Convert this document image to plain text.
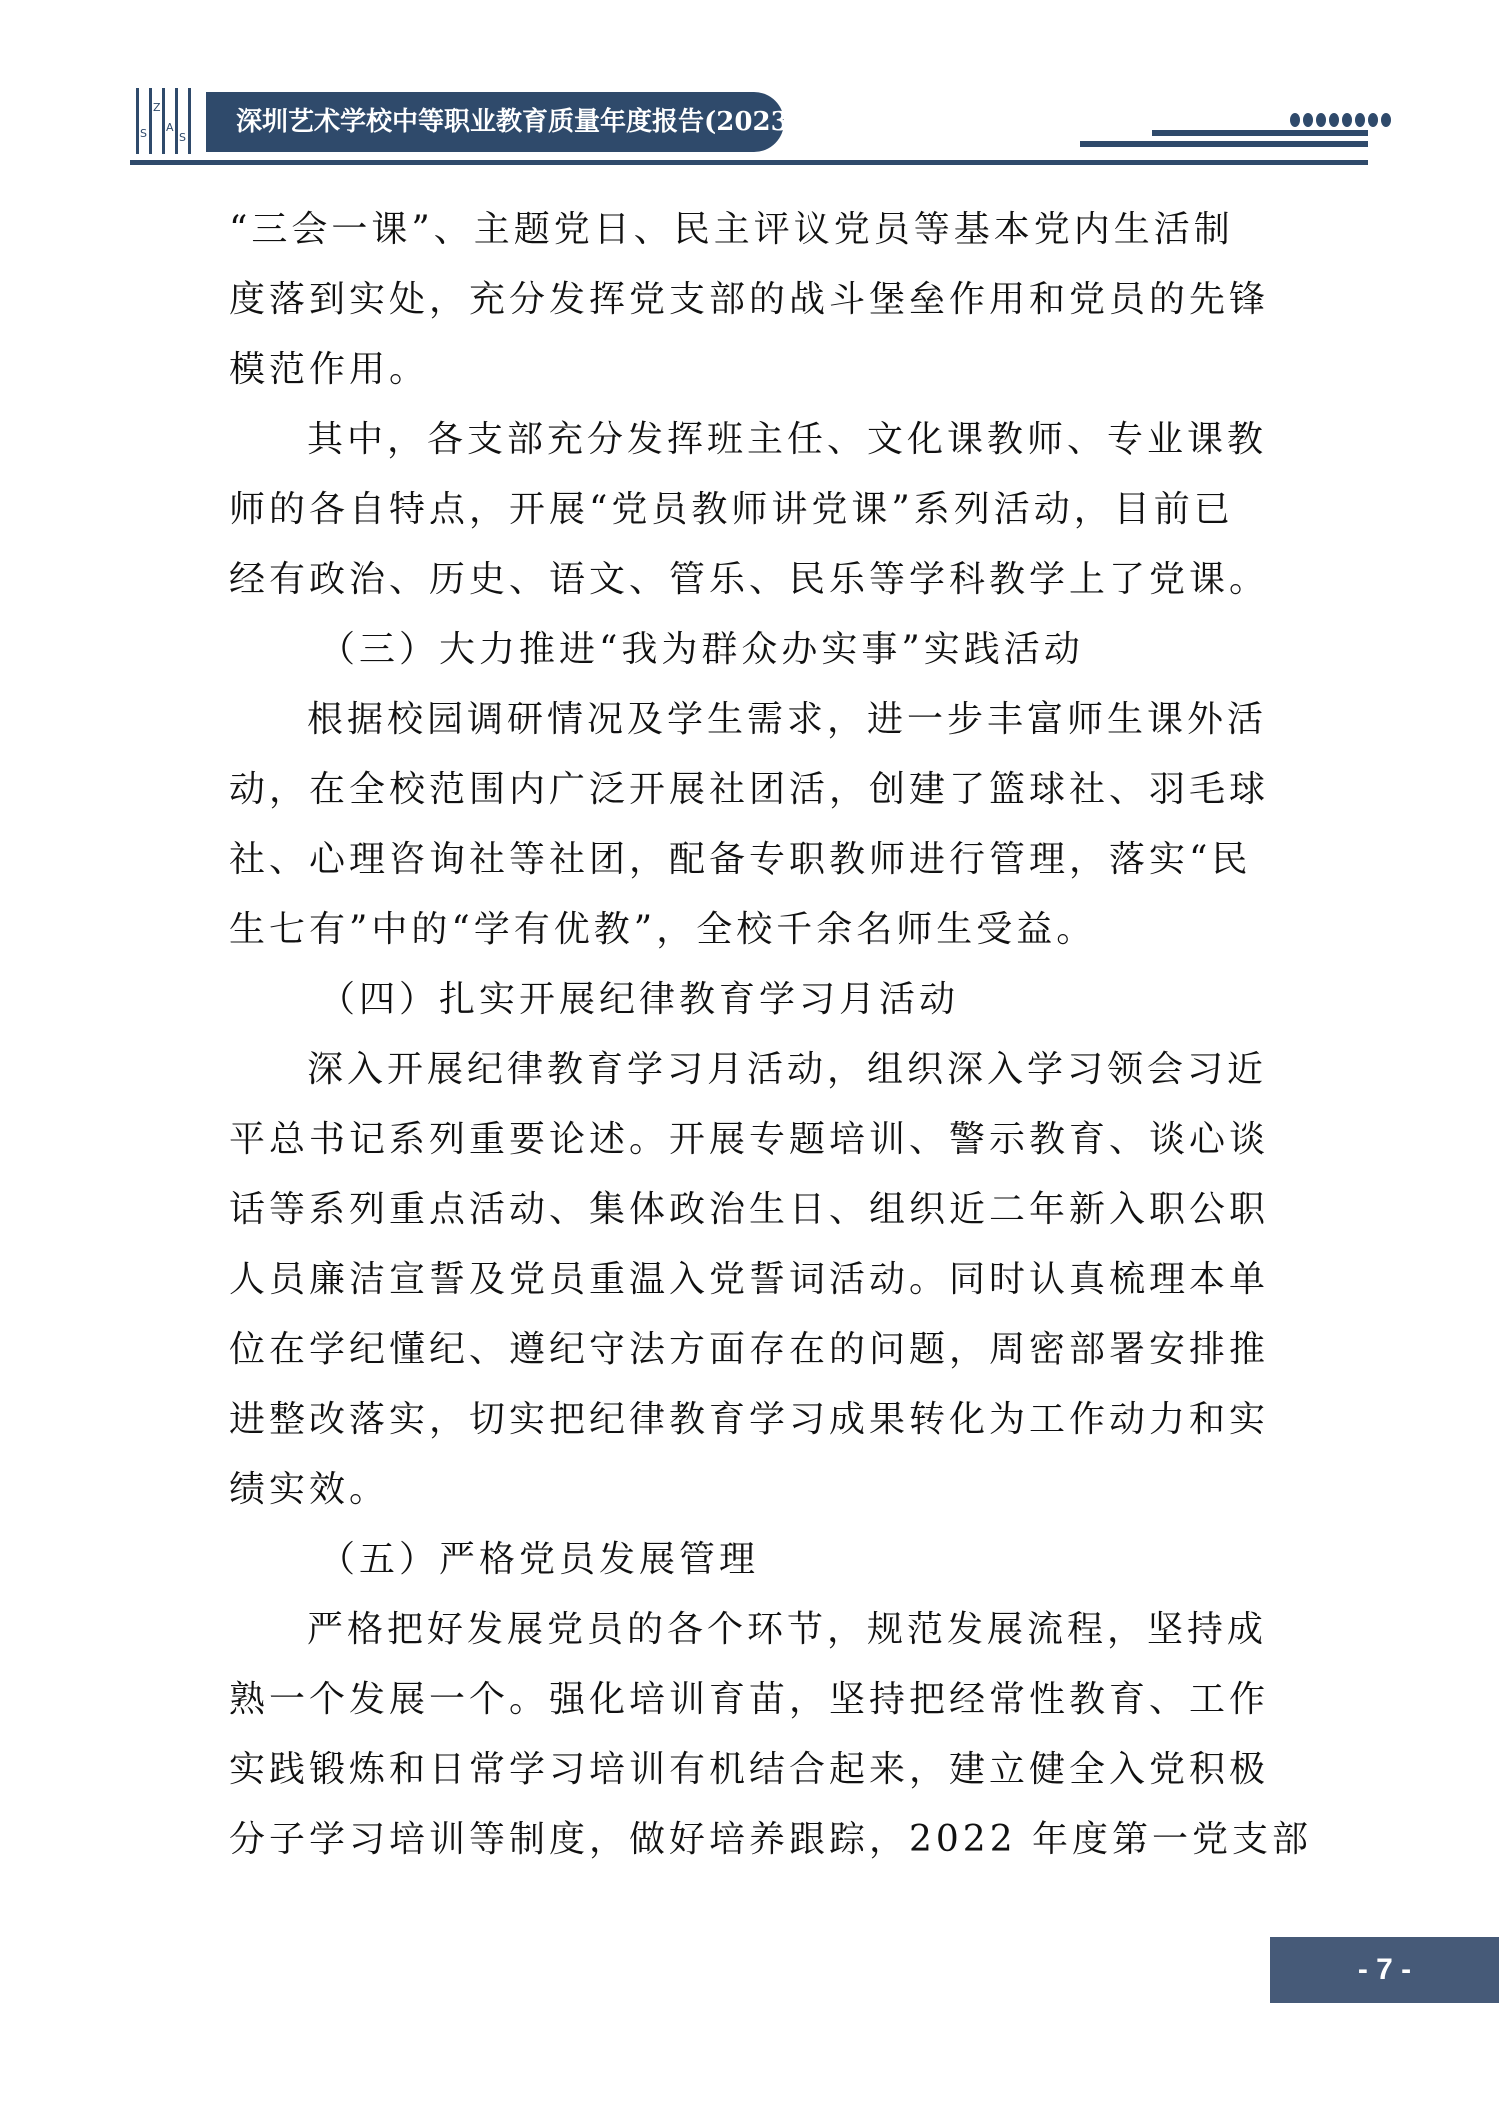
S
Z
A
S
深圳艺术学校中等职业教育质量年度报告(2023)
“三会一课”、主题党日、民主评议党员等基本党内生活制
度落到实处，充分发挥党支部的战斗堡垒作用和党员的先锋
模范作用。
其中，各支部充分发挥班主任、文化课教师、专业课教
师的各自特点，开展“党员教师讲党课”系列活动，目前已
经有政治、历史、语文、管乐、民乐等学科教学上了党课。
（三）大力推进“我为群众办实事”实践活动
根据校园调研情况及学生需求，进一步丰富师生课外活
动，在全校范围内广泛开展社团活，创建了篮球社、羽毛球
社、心理咨询社等社团，配备专职教师进行管理，落实“民
生七有”中的“学有优教”，全校千余名师生受益。
（四）扎实开展纪律教育学习月活动
深入开展纪律教育学习月活动，组织深入学习领会习近
平总书记系列重要论述。开展专题培训、警示教育、谈心谈
话等系列重点活动、集体政治生日、组织近二年新入职公职
人员廉洁宣誓及党员重温入党誓词活动。同时认真梳理本单
位在学纪懂纪、遵纪守法方面存在的问题，周密部署安排推
进整改落实，切实把纪律教育学习成果转化为工作动力和实
绩实效。
（五）严格党员发展管理
严格把好发展党员的各个环节，规范发展流程，坚持成
熟一个发展一个。强化培训育苗，坚持把经常性教育、工作
实践锻炼和日常学习培训有机结合起来，建立健全入党积极
分子学习培训等制度，做好培养跟踪，2022 年度第一党支部
- 7 -
